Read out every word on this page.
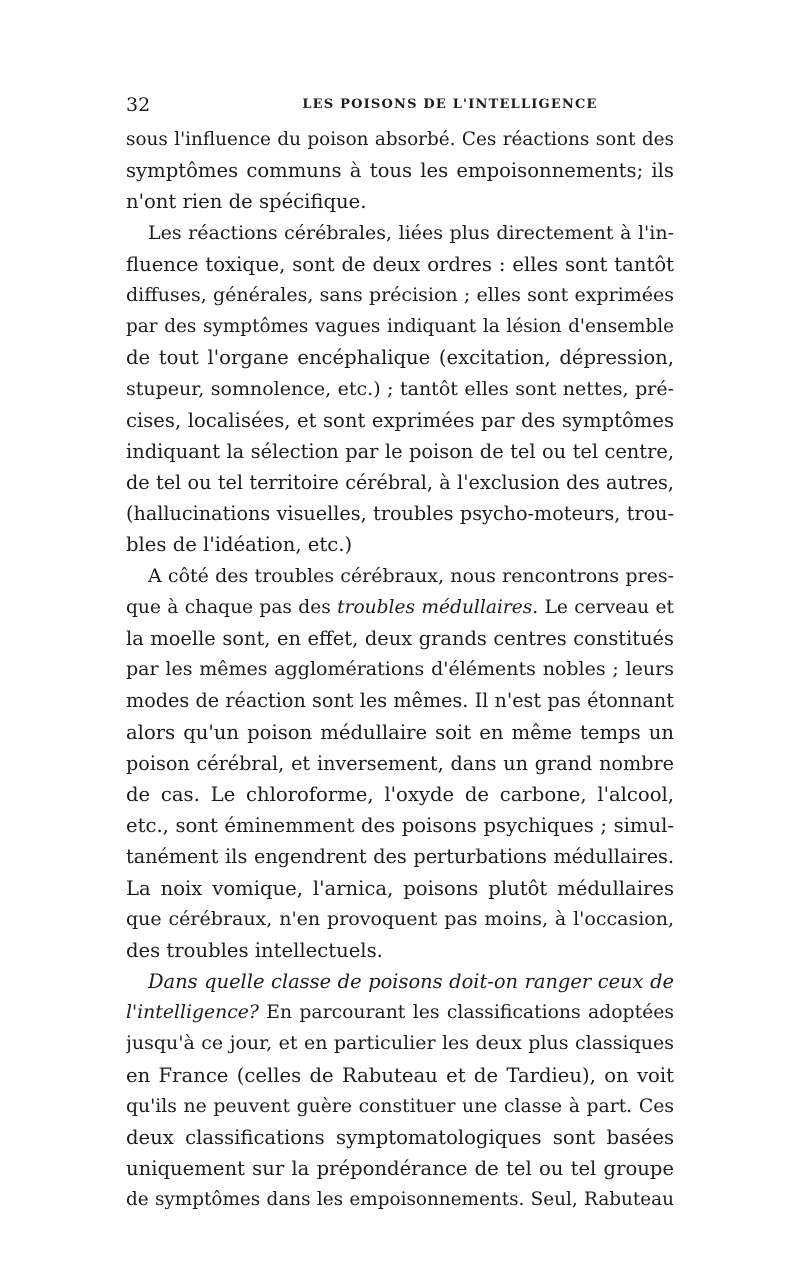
32	LES POISONS DE L'INTELLIGENCE
sous l'influence du poison absorbé. Ces réactions sont des
symptômes communs à tous les empoisonnements; ils
n'ont rien de spécifique.
Les réactions cérébrales, liées plus directement à l'in-
fluence toxique, sont de deux ordres : elles sont tantôt
diffuses, générales, sans précision ; elles sont exprimées
par des symptômes vagues indiquant la lésion d'ensemble
de tout l'organe encéphalique (excitation, dépression,
stupeur, somnolence, etc.) ; tantôt elles sont nettes, pré-
cises, localisées, et sont exprimées par des symptômes
indiquant la sélection par le poison de tel ou tel centre,
de tel ou tel territoire cérébral, à l'exclusion des autres,
(hallucinations visuelles, troubles psycho-moteurs, trou-
bles de l'idéation, etc.)
A côté des troubles cérébraux, nous rencontrons pres-
que à chaque pas des troubles médullaires. Le cerveau et
la moelle sont, en effet, deux grands centres constitués
par les mêmes agglomérations d'éléments nobles ; leurs
modes de réaction sont les mêmes. Il n'est pas étonnant
alors qu'un poison médullaire soit en même temps un
poison cérébral, et inversement, dans un grand nombre
de cas. Le chloroforme, l'oxyde de carbone, l'alcool,
etc., sont éminemment des poisons psychiques ; simul-
tanément ils engendrent des perturbations médullaires.
La noix vomique, l'arnica, poisons plutôt médullaires
que cérébraux, n'en provoquent pas moins, à l'occasion,
des troubles intellectuels.
Dans quelle classe de poisons doit-on ranger ceux de
l'intelligence? En parcourant les classifications adoptées
jusqu'à ce jour, et en particulier les deux plus classiques
en France (celles de Rabuteau et de Tardieu), on voit
qu'ils ne peuvent guère constituer une classe à part. Ces
deux classifications symptomatologiques sont basées
uniquement sur la prépondérance de tel ou tel groupe
de symptômes dans les empoisonnements. Seul, Rabuteau
